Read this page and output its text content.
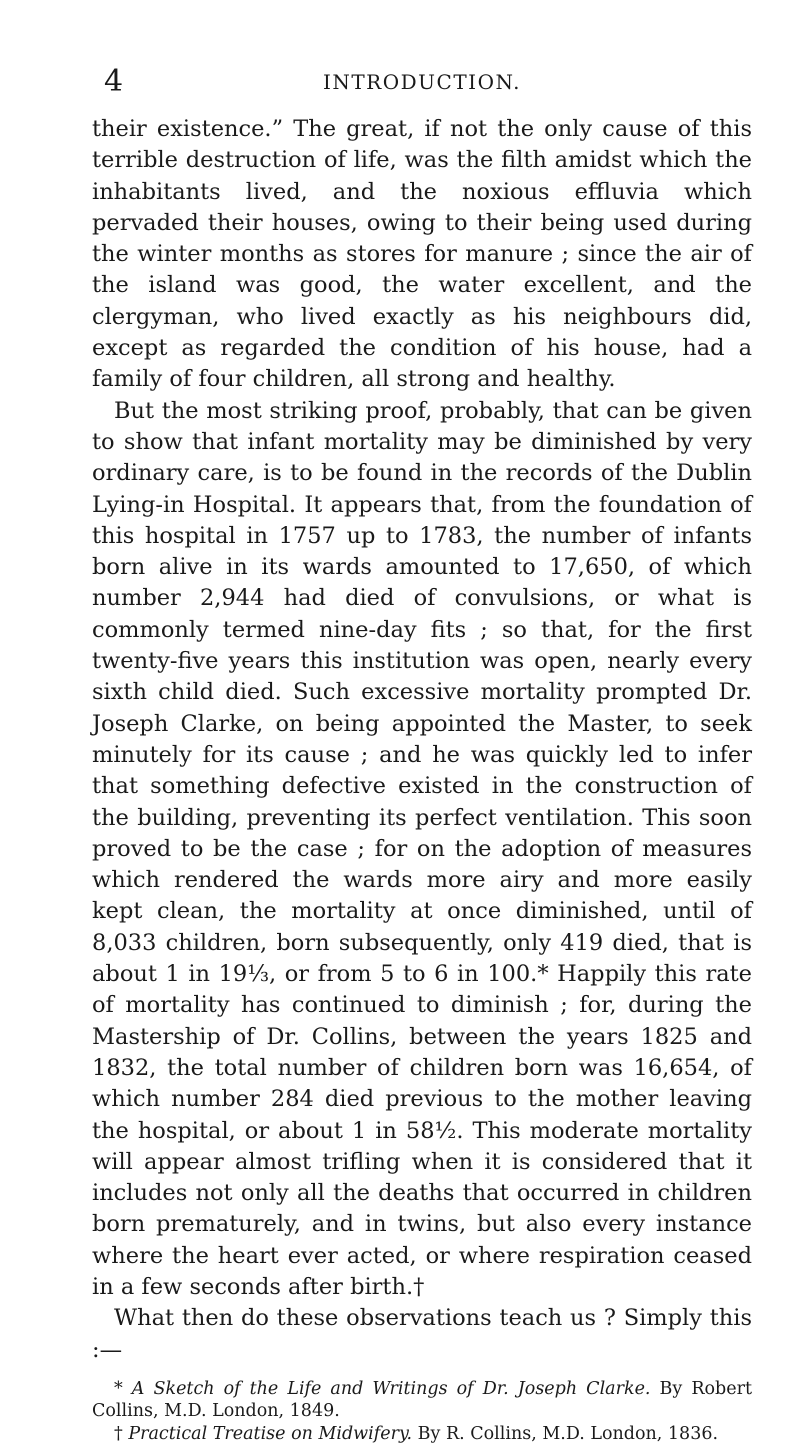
4	INTRODUCTION.

their existence.” The great, if not the only cause of this terrible destruction of life, was the filth amidst which the inhabitants lived, and the noxious effluvia which pervaded their houses, owing to their being used during the winter months as stores for manure ; since the air of the island was good, the water excellent, and the clergyman, who lived exactly as his neighbours did, except as regarded the condition of his house, had a family of four children, all strong and healthy.

But the most striking proof, probably, that can be given to show that infant mortality may be diminished by very ordinary care, is to be found in the records of the Dublin Lying-in Hospital. It appears that, from the foundation of this hospital in 1757 up to 1783, the number of infants born alive in its wards amounted to 17,650, of which number 2,944 had died of convulsions, or what is commonly termed nine-day fits ; so that, for the first twenty-five years this institution was open, nearly every sixth child died. Such excessive mortality prompted Dr. Joseph Clarke, on being appointed the Master, to seek minutely for its cause ; and he was quickly led to infer that something defective existed in the construction of the building, preventing its perfect ventilation. This soon proved to be the case ; for on the adoption of measures which rendered the wards more airy and more easily kept clean, the mortality at once diminished, until of 8,033 children, born subsequently, only 419 died, that is about 1 in 19⅓, or from 5 to 6 in 100.* Happily this rate of mortality has continued to diminish ; for, during the Mastership of Dr. Collins, between the years 1825 and 1832, the total number of children born was 16,654, of which number 284 died previous to the mother leaving the hospital, or about 1 in 58½. This moderate mortality will appear almost trifling when it is considered that it includes not only all the deaths that occurred in children born prematurely, and in twins, but also every instance where the heart ever acted, or where respiration ceased in a few seconds after birth.†

What then do these observations teach us ? Simply this :—

* A Sketch of the Life and Writings of Dr. Joseph Clarke. By Robert Collins, M.D. London, 1849.

† Practical Treatise on Midwifery. By R. Collins, M.D. London, 1836.
